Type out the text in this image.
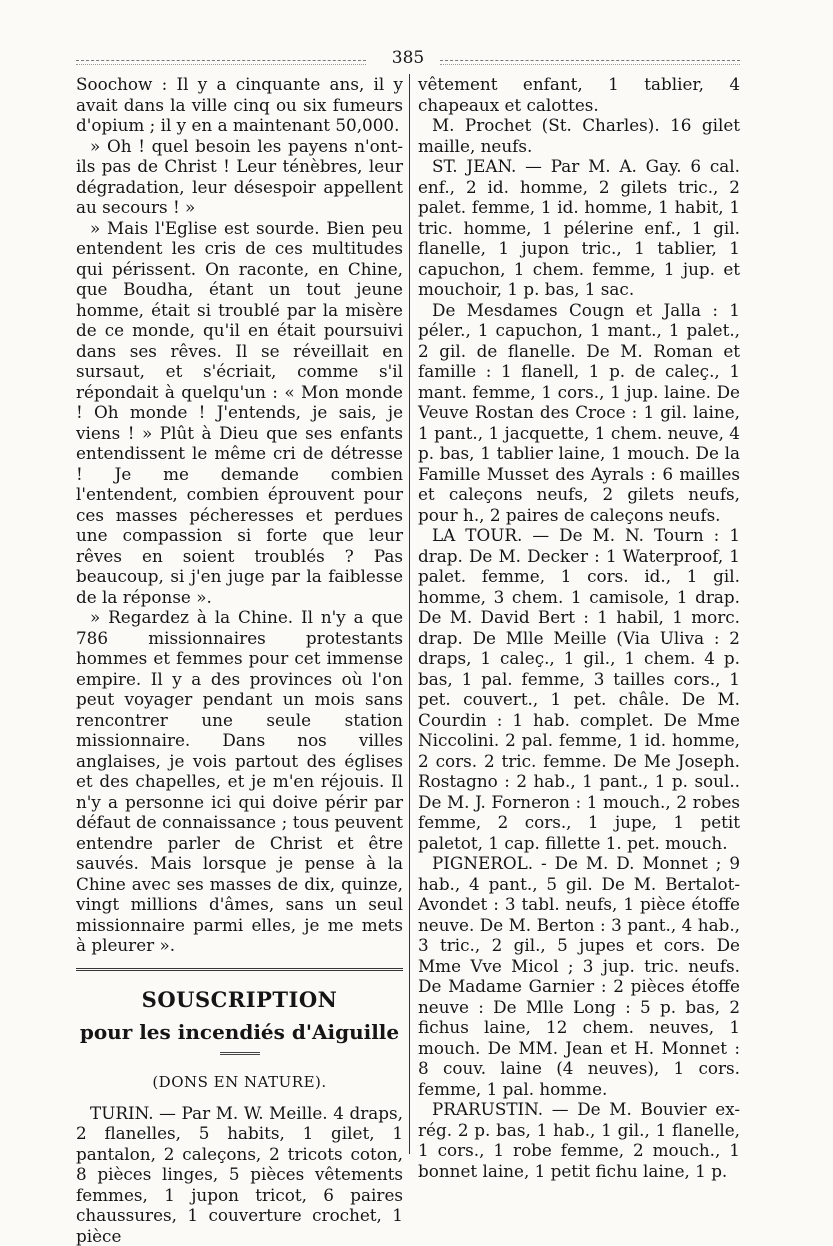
385

Soochow : Il y a cinquante ans, il y avait dans la ville cinq ou six fumeurs d'opium ; il y en a maintenant 50,000.

» Oh ! quel besoin les payens n'ont-ils pas de Christ ! Leur ténèbres, leur dégradation, leur désespoir appellent au secours ! »

» Mais l'Eglise est sourde. Bien peu entendent les cris de ces multitudes qui périssent. On raconte, en Chine, que Boudha, étant un tout jeune homme, était si troublé par la misère de ce monde, qu'il en était poursuivi dans ses rêves. Il se réveillait en sursaut, et s'écriait, comme s'il répondait à quelqu'un : « Mon monde ! Oh monde ! J'entends, je sais, je viens ! » Plût à Dieu que ses enfants entendissent le même cri de détresse ! Je me demande combien l'entendent, combien éprouvent pour ces masses pécheresses et perdues une compassion si forte que leur rêves en soient troublés ? Pas beaucoup, si j'en juge par la faiblesse de la réponse ».

» Regardez à la Chine. Il n'y a que 786 missionnaires protestants hommes et femmes pour cet immense empire. Il y a des provinces où l'on peut voyager pendant un mois sans rencontrer une seule station missionnaire. Dans nos villes anglaises, je vois partout des églises et des chapelles, et je m'en réjouis. Il n'y a personne ici qui doive périr par défaut de connaissance ; tous peuvent entendre parler de Christ et être sauvés. Mais lorsque je pense à la Chine avec ses masses de dix, quinze, vingt millions d'âmes, sans un seul missionnaire parmi elles, je me mets à pleurer ».

SOUSCRIPTION
pour les incendiés d'Aiguille
(DONS EN NATURE).

TURIN. — Par M. W. Meille. 4 draps, 2 flanelles, 5 habits, 1 gilet, 1 pantalon, 2 caleçons, 2 tricots coton, 8 pièces linges, 5 pièces vêtements femmes, 1 jupon tricot, 6 paires chaussures, 1 couverture crochet, 1 pièce

vêtement enfant, 1 tablier, 4 chapeaux et calottes.

M. Prochet (St. Charles). 16 gilet maille, neufs.

ST. JEAN. — Par M. A. Gay. 6 cal. enf., 2 id. homme, 2 gilets tric., 2 palet. femme, 1 id. homme, 1 habit, 1 tric. homme, 1 pélerine enf., 1 gil. flanelle, 1 jupon tric., 1 tablier, 1 capuchon, 1 chem. femme, 1 jup. et mouchoir, 1 p. bas, 1 sac.

De Mesdames Cougn et Jalla : 1 péler., 1 capuchon, 1 mant., 1 palet., 2 gil. de flanelle. De M. Roman et famille : 1 flanell, 1 p. de caleç., 1 mant. femme, 1 cors., 1 jup. laine. De Veuve Rostan des Croce : 1 gil. laine, 1 pant., 1 jacquette, 1 chem. neuve, 4 p. bas, 1 tablier laine, 1 mouch. De la Famille Musset des Ayrals : 6 mailles et caleçons neufs, 2 gilets neufs, pour h., 2 paires de caleçons neufs.

LA TOUR. — De M. N. Tourn : 1 drap. De M. Decker : 1 Waterproof, 1 palet. femme, 1 cors. id., 1 gil. homme, 3 chem. 1 camisole, 1 drap. De M. David Bert : 1 habil, 1 morc. drap. De Mlle Meille (Via Uliva : 2 draps, 1 caleç., 1 gil., 1 chem. 4 p. bas, 1 pal. femme, 3 tailles cors., 1 pet. couvert., 1 pet. châle. De M. Courdin : 1 hab. complet. De Mme Niccolini. 2 pal. femme, 1 id. homme, 2 cors. 2 tric. femme. De Me Joseph. Rostagno : 2 hab., 1 pant., 1 p. soul.. De M. J. Forneron : 1 mouch., 2 robes femme, 2 cors., 1 jupe, 1 petit paletot, 1 cap. fillette 1. pet. mouch.

PIGNEROL. - De M. D. Monnet ; 9 hab., 4 pant., 5 gil. De M. Bertalot-Avondet : 3 tabl. neufs, 1 pièce étoffe neuve. De M. Berton : 3 pant., 4 hab., 3 tric., 2 gil., 5 jupes et cors. De Mme Vve Micol ; 3 jup. tric. neufs. De Madame Garnier : 2 pièces étoffe neuve : De Mlle Long : 5 p. bas, 2 fichus laine, 12 chem. neuves, 1 mouch. De MM. Jean et H. Monnet : 8 couv. laine (4 neuves), 1 cors. femme, 1 pal. homme.

PRARUSTIN. — De M. Bouvier ex-rég. 2 p. bas, 1 hab., 1 gil., 1 flanelle, 1 cors., 1 robe femme, 2 mouch., 1 bonnet laine, 1 petit fichu laine, 1 p.
